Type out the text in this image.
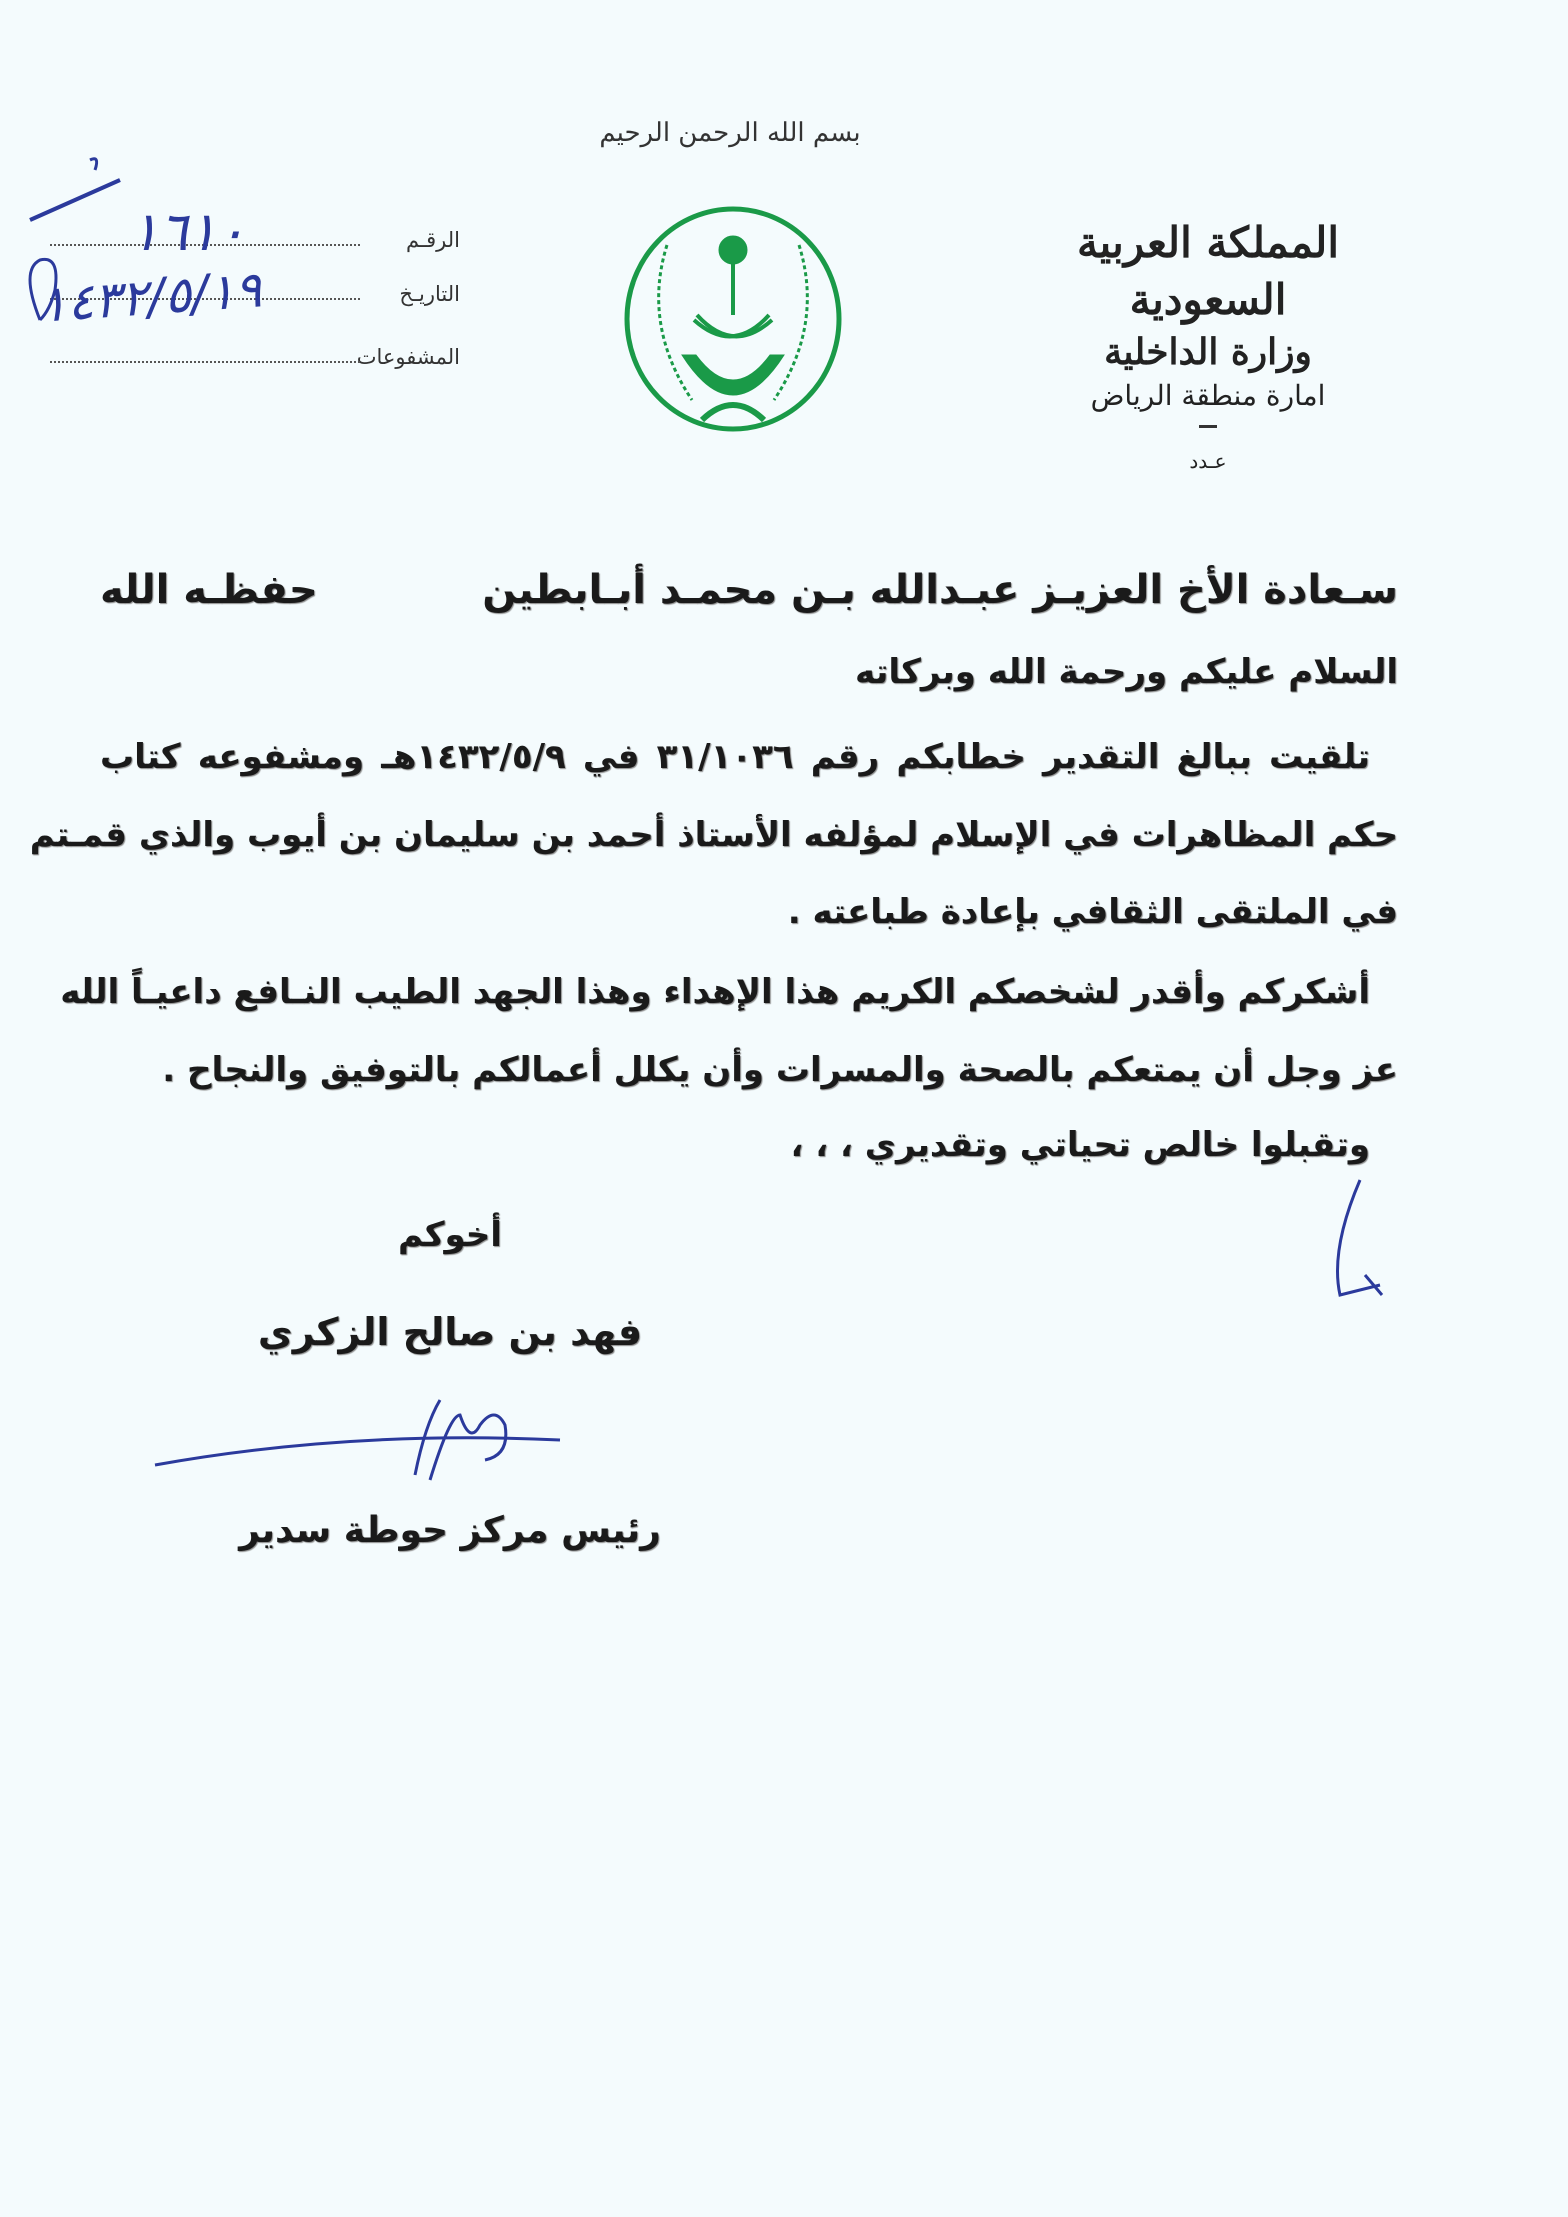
بسم الله الرحمن الرحيم
المملكة العربية السعودية
وزارة الداخلية
امارة منطقة الرياض
عـدد
الرقـم
١٦١٠
التاريـخ
١٤٣٢/٥/١٩
المشفوعات
سـعادة الأخ العزيـز عبـدالله بـن محمـد أبـابطين
حفظـه الله
السلام عليكم ورحمة الله وبركاته
تلقيت ببالغ التقدير خطابكم رقم ٣١/١٠٣٦ في ١٤٣٢/٥/٩هـ ومشفوعه كتاب
حكم المظاهرات في الإسلام لمؤلفه الأستاذ أحمد بن سليمان بن أيوب والذي قمـتم
في الملتقى الثقافي بإعادة طباعته .
أشكركم وأقدر لشخصكم الكريم هذا الإهداء وهذا الجهد الطيب النـافع داعيـاً الله
عز وجل أن يمتعكم بالصحة والمسرات وأن يكلل أعمالكم بالتوفيق والنجاح .
وتقبلوا خالص تحياتي وتقديري ، ، ،
أخوكم
فهد بن صالح الزكري
رئيس مركز حوطة سدير
